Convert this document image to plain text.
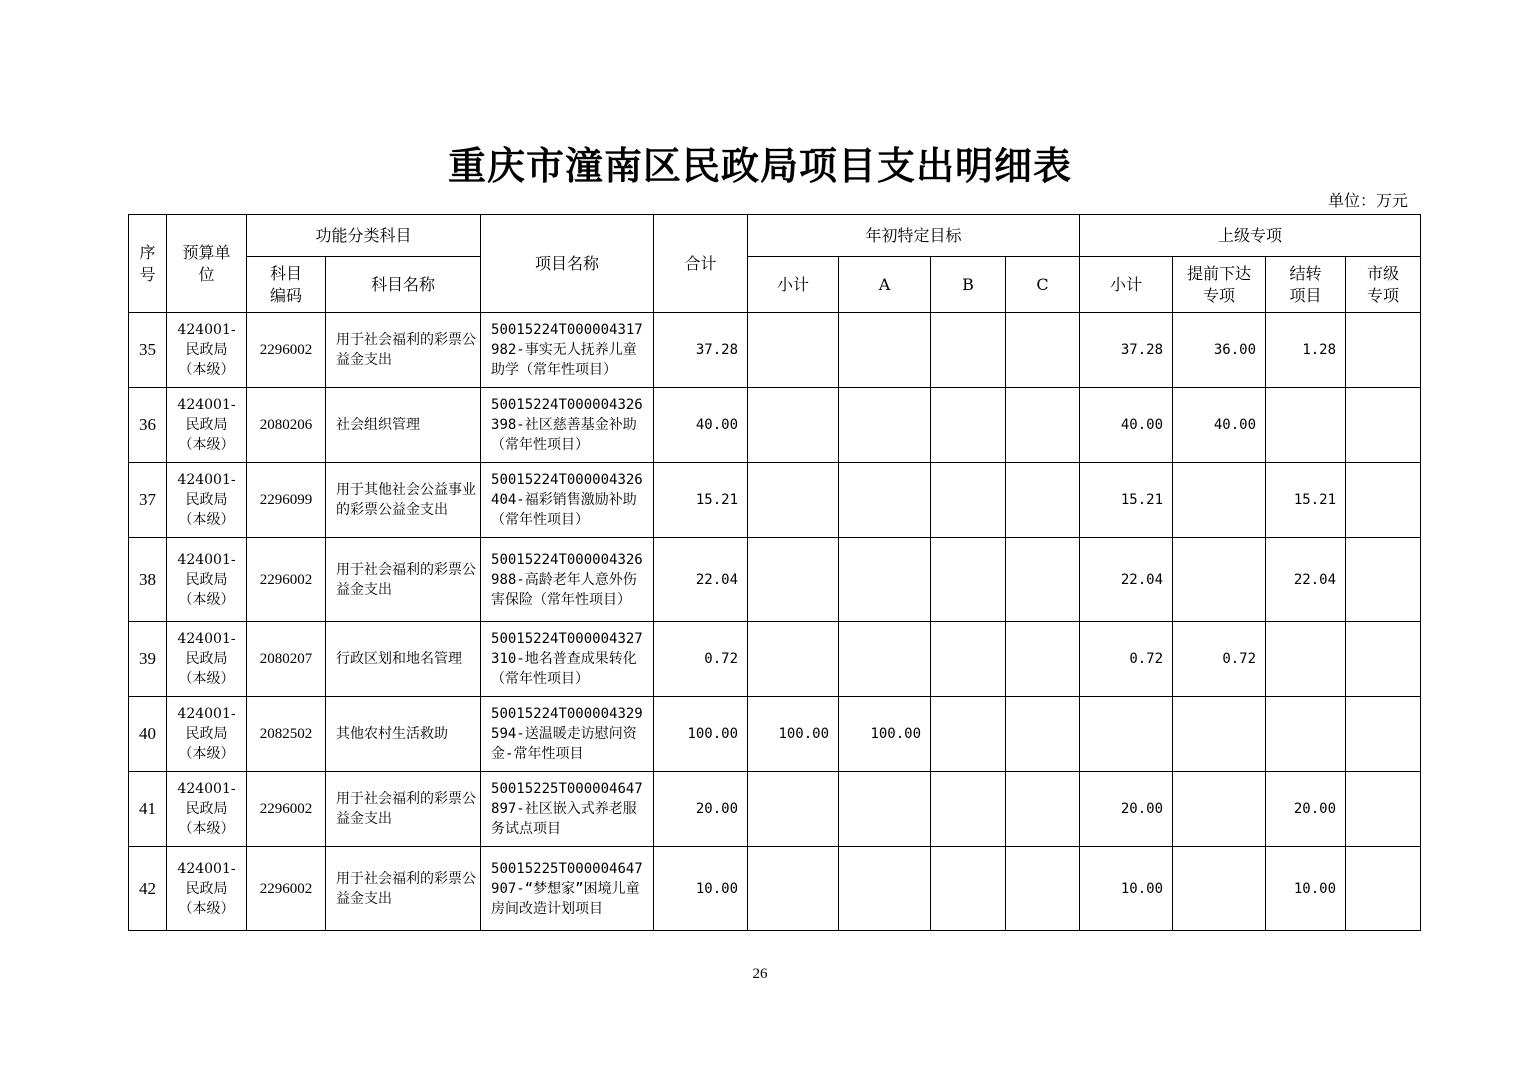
重庆市潼南区民政局项目支出明细表
单位：万元
序号	预算单位	功能分类科目		项目名称	合计	年初特定目标				上级专项			

		科目编码	科目名称			小计	A	B	C	小计	提前下达专项	结转项目	市级专项

35	424001-民政局（本级）	2296002	用于社会福利的彩票公益金支出	50015224T000004317982-事实无人抚养儿童助学（常年性项目）	37.28					37.28	36.00	1.28	
36	424001-民政局（本级）	2080206	社会组织管理	50015224T000004326398-社区慈善基金补助（常年性项目）	40.00					40.00	40.00		
37	424001-民政局（本级）	2296099	用于其他社会公益事业的彩票公益金支出	50015224T000004326404-福彩销售激励补助（常年性项目）	15.21					15.21		15.21	
38	424001-民政局（本级）	2296002	用于社会福利的彩票公益金支出	50015224T000004326988-高龄老年人意外伤害保险（常年性项目）	22.04					22.04		22.04	
39	424001-民政局（本级）	2080207	行政区划和地名管理	50015224T000004327310-地名普查成果转化（常年性项目）	0.72					0.72	0.72		
40	424001-民政局（本级）	2082502	其他农村生活救助	50015224T000004329594-送温暖走访慰问资金-常年性项目	100.00	100.00	100.00						
41	424001-民政局（本级）	2296002	用于社会福利的彩票公益金支出	50015225T000004647897-社区嵌入式养老服务试点项目	20.00					20.00		20.00	
42	424001-民政局（本级）	2296002	用于社会福利的彩票公益金支出	50015225T000004647907-“梦想家”困境儿童房间改造计划项目	10.00					10.00		10.00	
26
